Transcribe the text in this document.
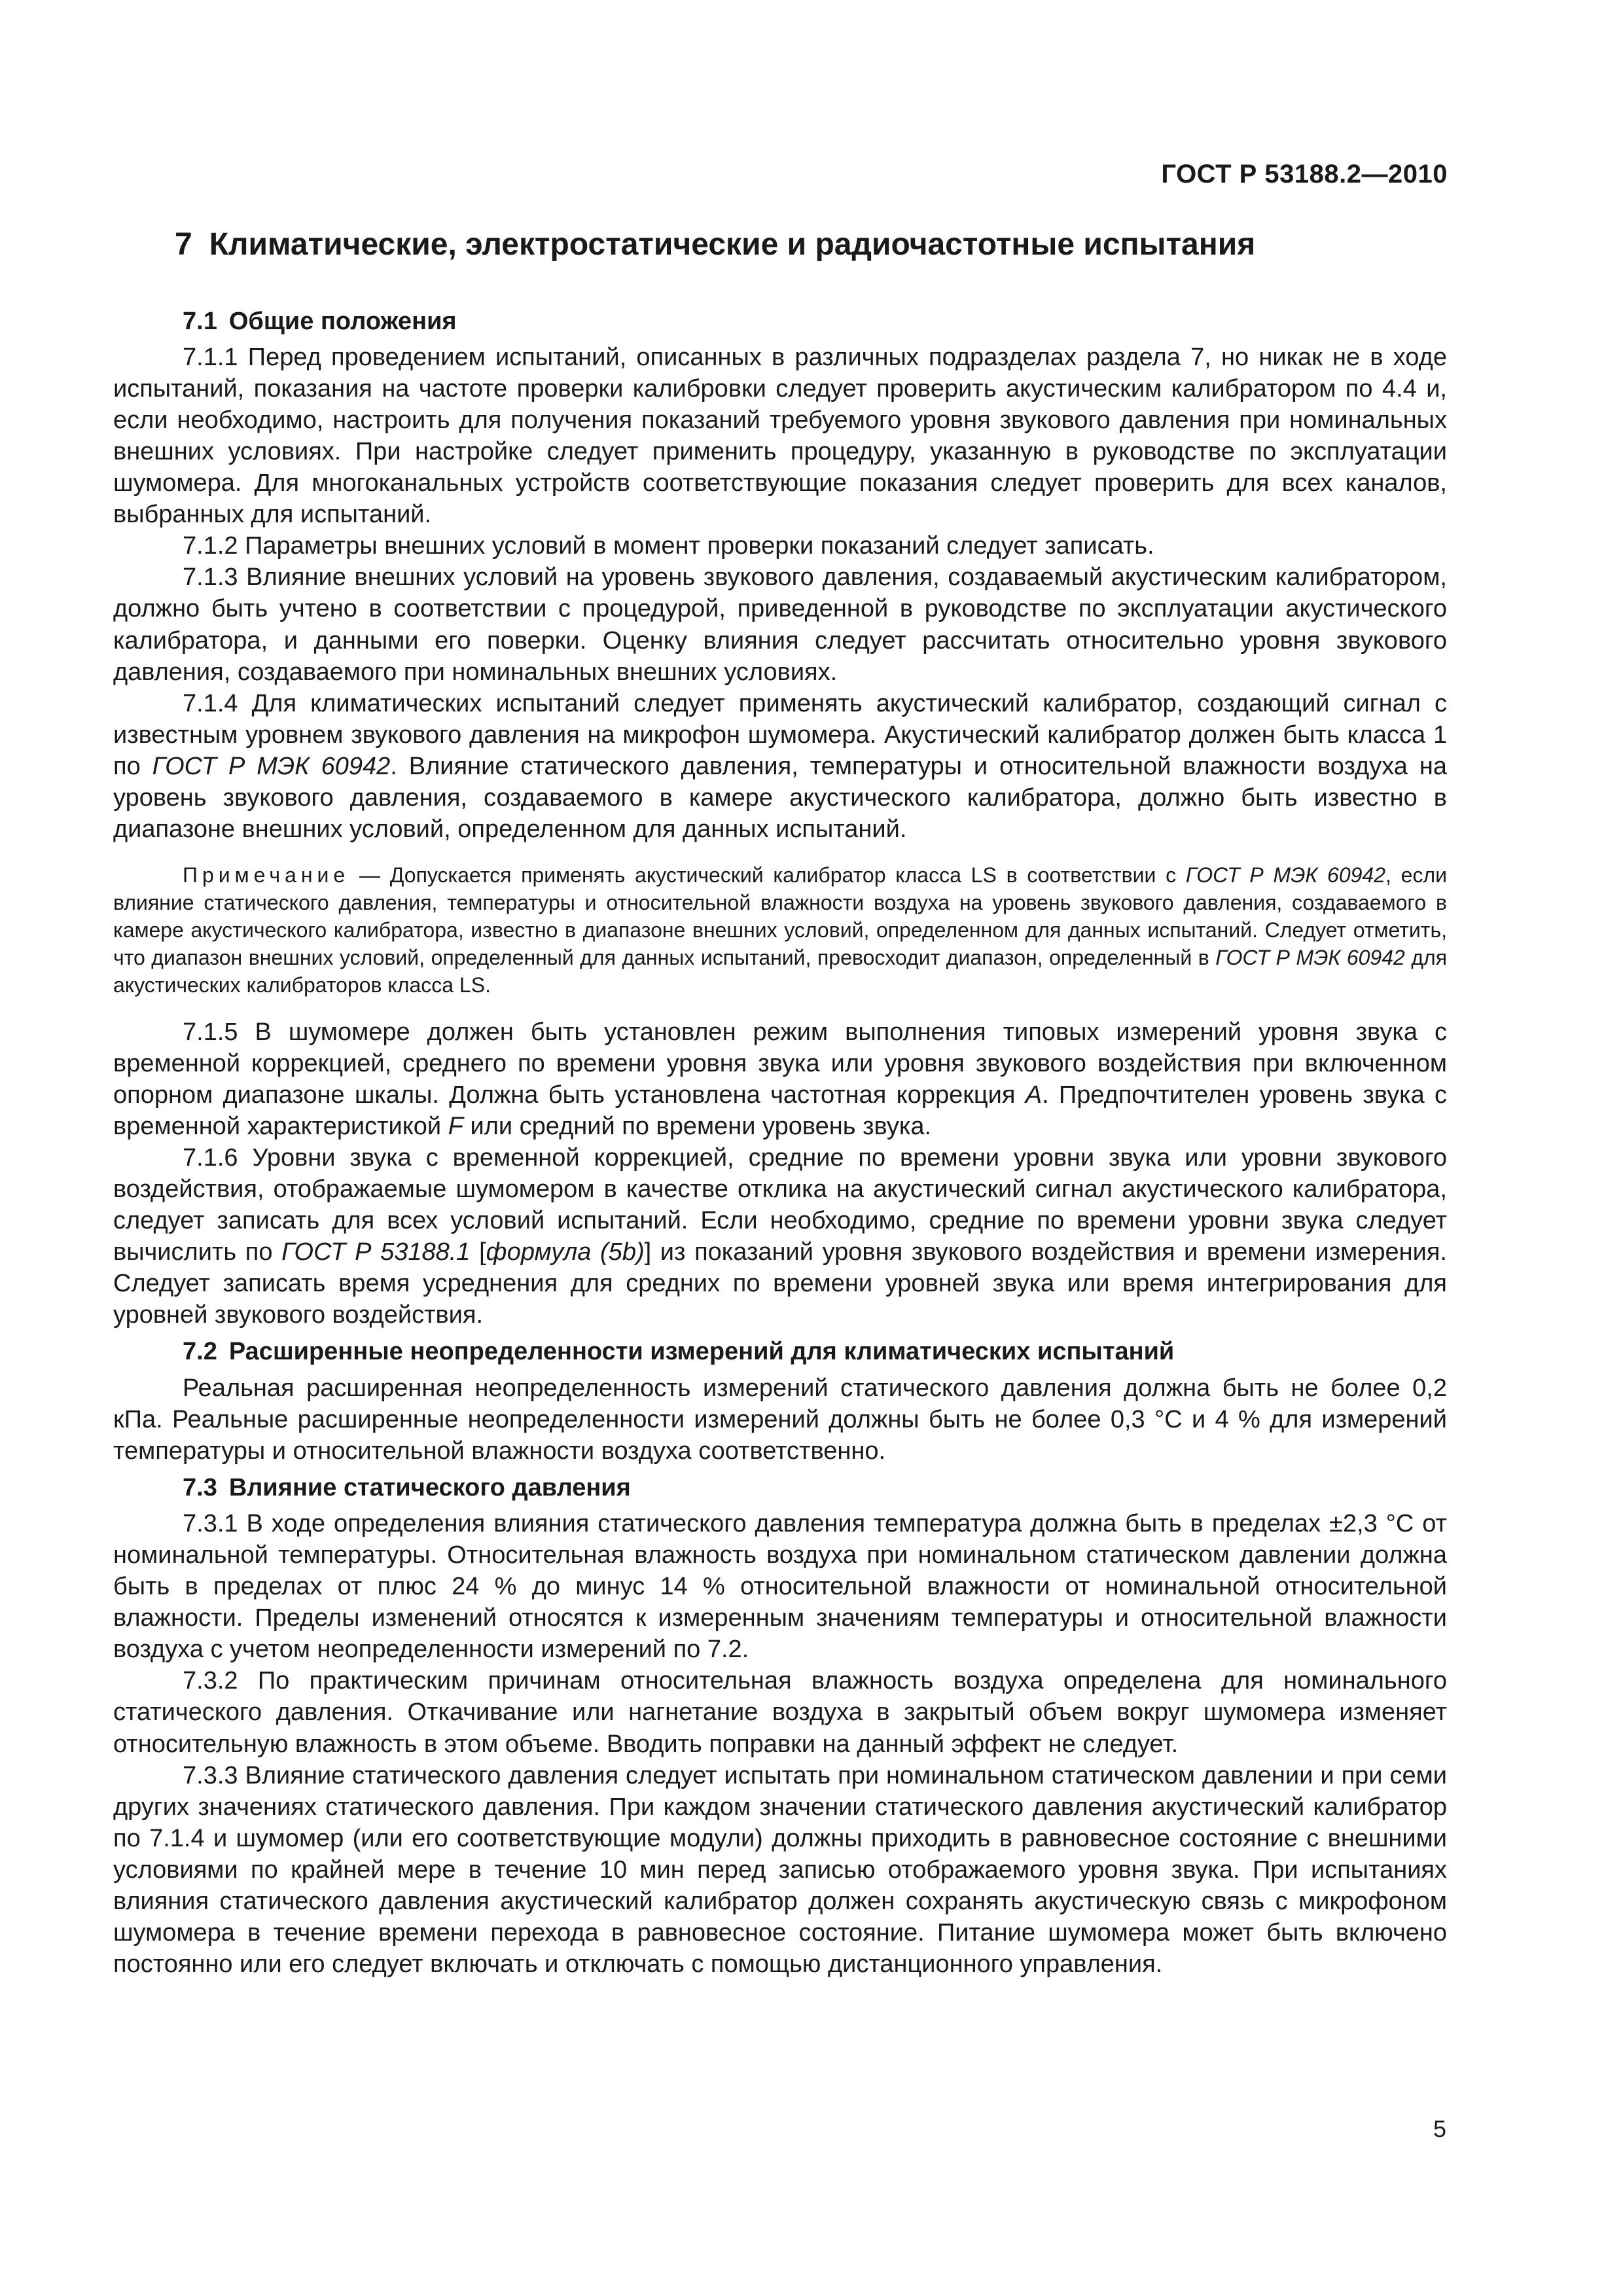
ГОСТ Р 53188.2—2010
7 Климатические, электростатические и радиочастотные испытания
7.1 Общие положения

7.1.1 Перед проведением испытаний, описанных в различных подразделах раздела 7, но никак не в ходе испытаний, показания на частоте проверки калибровки следует проверить акустическим калибратором по 4.4 и, если необходимо, настроить для получения показаний требуемого уровня звукового давления при номинальных внешних условиях. При настройке следует применить процедуру, указанную в руководстве по эксплуатации шумомера. Для многоканальных устройств соответствующие показания следует проверить для всех каналов, выбранных для испытаний.

7.1.2 Параметры внешних условий в момент проверки показаний следует записать.

7.1.3 Влияние внешних условий на уровень звукового давления, создаваемый акустическим калибратором, должно быть учтено в соответствии с процедурой, приведенной в руководстве по эксплуатации акустического калибратора, и данными его поверки. Оценку влияния следует рассчитать относительно уровня звукового давления, создаваемого при номинальных внешних условиях.

7.1.4 Для климатических испытаний следует применять акустический калибратор, создающий сигнал с известным уровнем звукового давления на микрофон шумомера. Акустический калибратор должен быть класса 1 по ГОСТ Р МЭК 60942. Влияние статического давления, температуры и относительной влажности воздуха на уровень звукового давления, создаваемого в камере акустического калибратора, должно быть известно в диапазоне внешних условий, определенном для данных испытаний.

Примечание — Допускается применять акустический калибратор класса LS в соответствии с ГОСТ Р МЭК 60942, если влияние статического давления, температуры и относительной влажности воздуха на уровень звукового давления, создаваемого в камере акустического калибратора, известно в диапазоне внешних условий, определенном для данных испытаний. Следует отметить, что диапазон внешних условий, определенный для данных испытаний, превосходит диапазон, определенный в ГОСТ Р МЭК 60942 для акустических калибраторов класса LS.

7.1.5 В шумомере должен быть установлен режим выполнения типовых измерений уровня звука с временной коррекцией, среднего по времени уровня звука или уровня звукового воздействия при включенном опорном диапазоне шкалы. Должна быть установлена частотная коррекция A. Предпочтителен уровень звука с временной характеристикой F или средний по времени уровень звука.

7.1.6 Уровни звука с временной коррекцией, средние по времени уровни звука или уровни звукового воздействия, отображаемые шумомером в качестве отклика на акустический сигнал акустического калибратора, следует записать для всех условий испытаний. Если необходимо, средние по времени уровни звука следует вычислить по ГОСТ Р 53188.1 [формула (5b)] из показаний уровня звукового воздействия и времени измерения. Следует записать время усреднения для средних по времени уровней звука или время интегрирования для уровней звукового воздействия.

7.2 Расширенные неопределенности измерений для климатических испытаний

Реальная расширенная неопределенность измерений статического давления должна быть не более 0,2 кПа. Реальные расширенные неопределенности измерений должны быть не более 0,3 °С и 4 % для измерений температуры и относительной влажности воздуха соответственно.

7.3 Влияние статического давления

7.3.1 В ходе определения влияния статического давления температура должна быть в пределах ±2,3 °С от номинальной температуры. Относительная влажность воздуха при номинальном статическом давлении должна быть в пределах от плюс 24 % до минус 14 % относительной влажности от номинальной относительной влажности. Пределы изменений относятся к измеренным значениям температуры и относительной влажности воздуха с учетом неопределенности измерений по 7.2.

7.3.2 По практическим причинам относительная влажность воздуха определена для номинального статического давления. Откачивание или нагнетание воздуха в закрытый объем вокруг шумомера изменяет относительную влажность в этом объеме. Вводить поправки на данный эффект не следует.

7.3.3 Влияние статического давления следует испытать при номинальном статическом давлении и при семи других значениях статического давления. При каждом значении статического давления акустический калибратор по 7.1.4 и шумомер (или его соответствующие модули) должны приходить в равновесное состояние с внешними условиями по крайней мере в течение 10 мин перед записью отображаемого уровня звука. При испытаниях влияния статического давления акустический калибратор должен сохранять акустическую связь с микрофоном шумомера в течение времени перехода в равновесное состояние. Питание шумомера может быть включено постоянно или его следует включать и отключать с помощью дистанционного управления.

5
